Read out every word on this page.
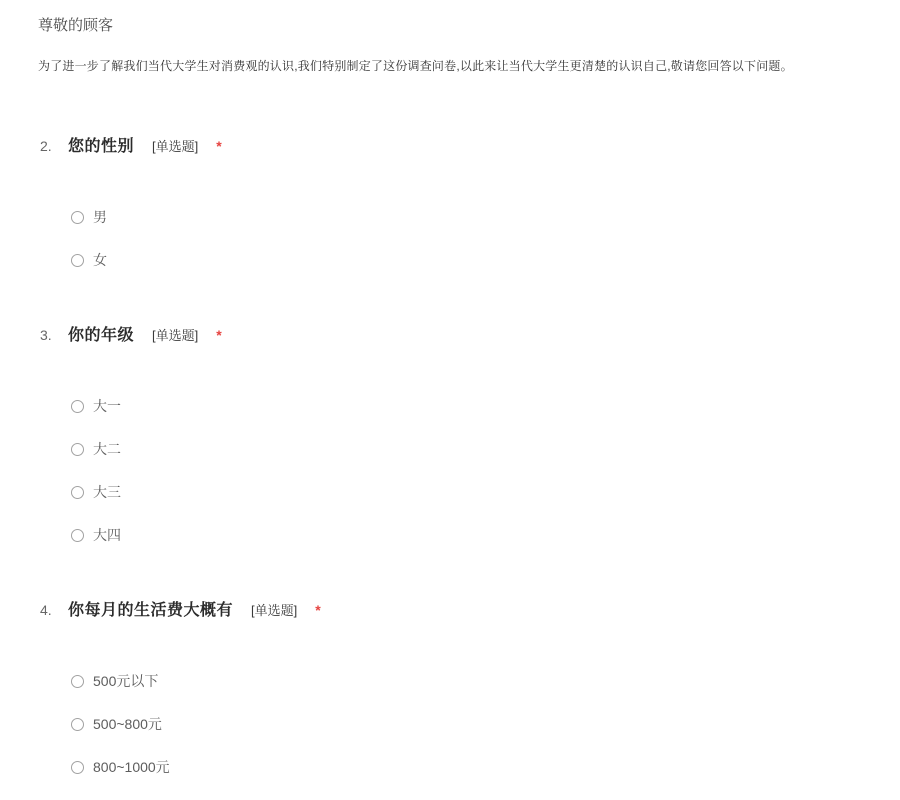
尊敬的顾客
为了进一步了解我们当代大学生对消费观的认识,我们特别制定了这份调查问卷,以此来让当代大学生更清楚的认识自己,敬请您回答以下问题。
2.	您的性别 [单选题] *
男
女
3.	你的年级 [单选题] *
大一
大二
大三
大四
4.	你每月的生活费大概有 [单选题] *
500元以下
500~800元
800~1000元
